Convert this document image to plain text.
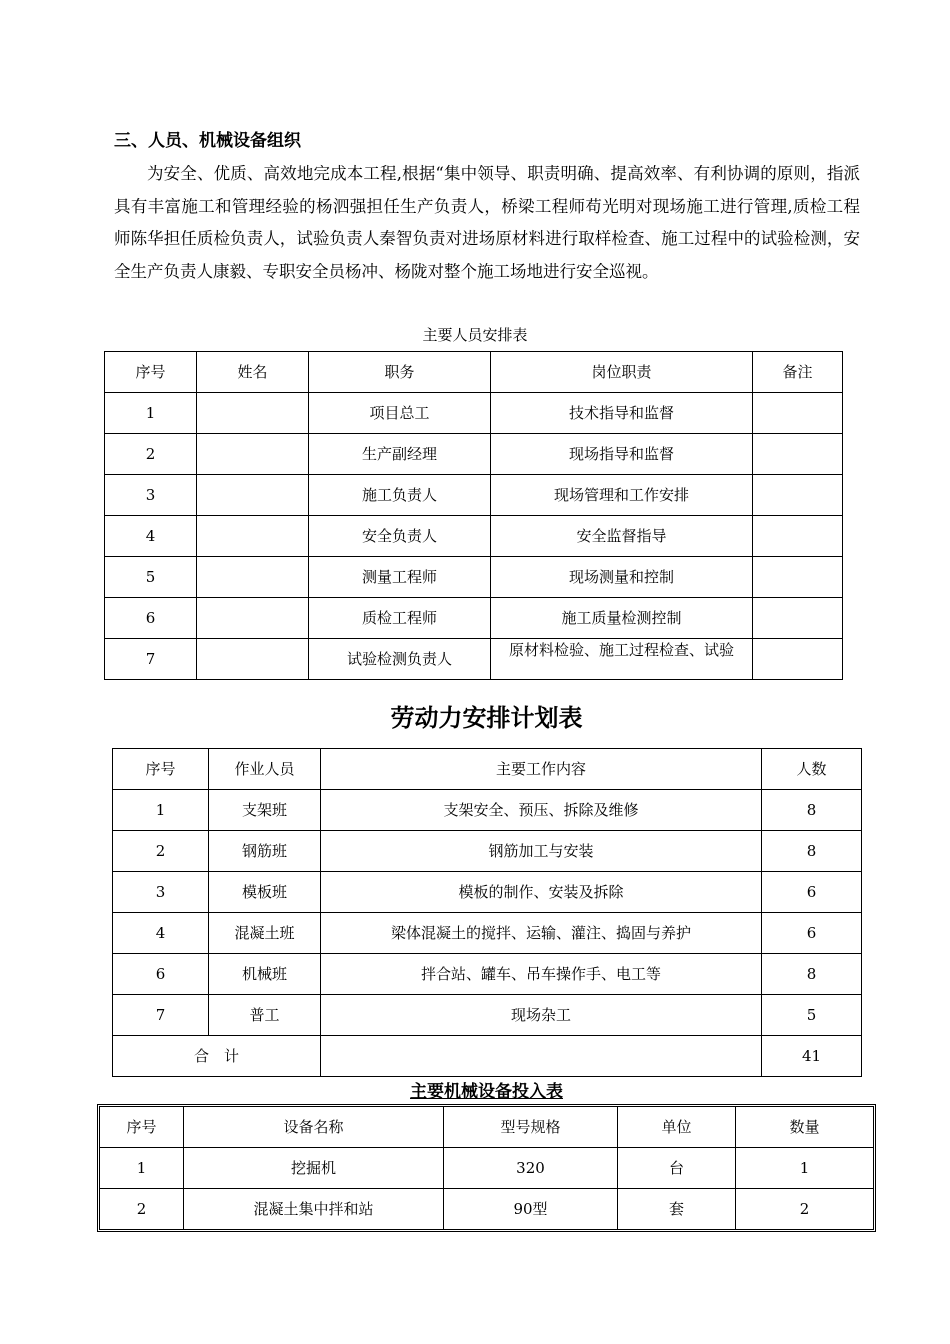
三、人员、机械设备组织

为安全、优质、高效地完成本工程,根据“集中领导、职责明确、提高效率、有利协调的原则，指派具有丰富施工和管理经验的杨泗强担任生产负责人，桥梁工程师苟光明对现场施工进行管理,质检工程师陈华担任质检负责人，试验负责人秦智负责对进场原材料进行取样检查、施工过程中的试验检测，安全生产负责人康毅、专职安全员杨冲、杨陇对整个施工场地进行安全巡视。

主要人员安排表
序号	姓名	职务	岗位职责	备注
1		项目总工	技术指导和监督	
2		生产副经理	现场指导和监督	
3		施工负责人	现场管理和工作安排	
4		安全负责人	安全监督指导	
5		测量工程师	现场测量和控制	
6		质检工程师	施工质量检测控制	
7		试验检测负责人	原材料检验、施工过程检查、试验	

劳动力安排计划表
序号	作业人员	主要工作内容	人数
1	支架班	支架安全、预压、拆除及维修	8
2	钢筋班	钢筋加工与安装	8
3	模板班	模板的制作、安装及拆除	6
4	混凝土班	梁体混凝土的搅拌、运输、灌注、捣固与养护	6
6	机械班	拌合站、罐车、吊车操作手、电工等	8
7	普工	现场杂工	5
合　计			41
主要机械设备投入表
序号	设备名称	型号规格	单位	数量
1	挖掘机	320	台	1
2	混凝土集中拌和站	90型	套	2
